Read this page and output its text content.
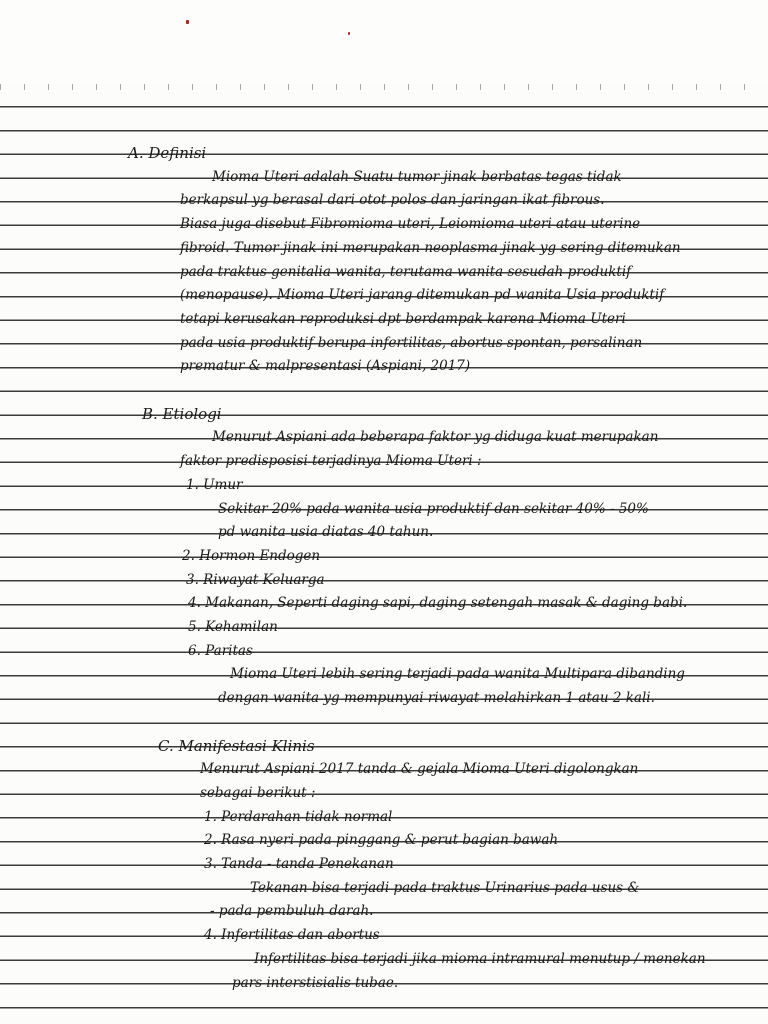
A. Definisi
Mioma Uteri adalah Suatu tumor jinak berbatas tegas tidak
berkapsul yg berasal dari otot polos dan jaringan ikat fibrous.
Biasa juga disebut Fibromioma uteri, Leiomioma uteri atau uterine
fibroid. Tumor jinak ini merupakan neoplasma jinak yg sering ditemukan
pada traktus genitalia wanita, terutama wanita sesudah produktif
(menopause). Mioma Uteri jarang ditemukan pd wanita Usia produktif
tetapi kerusakan reproduksi dpt berdampak karena Mioma Uteri
pada usia produktif berupa infertilitas, abortus spontan, persalinan
prematur & malpresentasi (Aspiani, 2017)
B. Etiologi
Menurut Aspiani ada beberapa faktor yg diduga kuat merupakan
faktor predisposisi terjadinya Mioma Uteri :
1. Umur
Sekitar 20% pada wanita usia produktif dan sekitar 40% - 50%
pd wanita usia diatas 40 tahun.
2. Hormon Endogen
3. Riwayat Keluarga
4. Makanan, Seperti daging sapi, daging setengah masak & daging babi.
5. Kehamilan
6. Paritas
Mioma Uteri lebih sering terjadi pada wanita Multipara dibanding
dengan wanita yg mempunyai riwayat melahirkan 1 atau 2 kali.
C. Manifestasi Klinis
Menurut Aspiani 2017 tanda & gejala Mioma Uteri digolongkan
sebagai berikut :
1. Perdarahan tidak normal
2. Rasa nyeri pada pinggang & perut bagian bawah
3. Tanda - tanda Penekanan
Tekanan bisa terjadi pada traktus Urinarius pada usus &
- pada pembuluh darah.
4. Infertilitas dan abortus
Infertilitas bisa terjadi jika mioma intramural menutup / menekan
pars interstisialis tubae.
